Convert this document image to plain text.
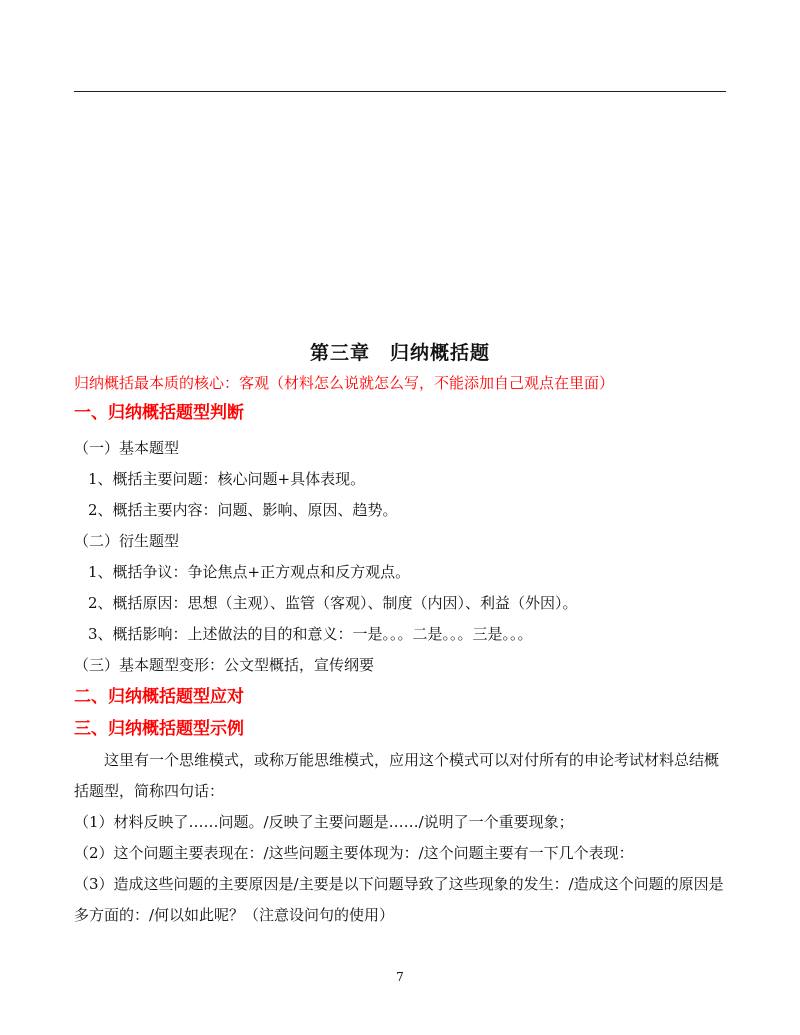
第三章 归纳概括题

归纳概括最本质的核心：客观（材料怎么说就怎么写，不能添加自己观点在里面）

一、归纳概括题型判断

（一）基本题型

1、概括主要问题：核心问题+具体表现。

2、概括主要内容：问题、影响、原因、趋势。

（二）衍生题型

1、概括争议：争论焦点+正方观点和反方观点。

2、概括原因：思想（主观）、监管（客观）、制度（内因）、利益（外因）。

3、概括影响：上述做法的目的和意义：一是。。。二是。。。三是。。。

（三）基本题型变形：公文型概括，宣传纲要

二、归纳概括题型应对
三、归纳概括题型示例

这里有一个思维模式，或称万能思维模式，应用这个模式可以对付所有的申论考试材料总结概括题型，简称四句话：

（1）材料反映了……问题。/反映了主要问题是……/说明了一个重要现象；

（2）这个问题主要表现在：/这些问题主要体现为：/这个问题主要有一下几个表现：

（3）造成这些问题的主要原因是/主要是以下问题导致了这些现象的发生：/造成这个问题的原因是多方面的：/何以如此呢？（注意设问句的使用）

7
